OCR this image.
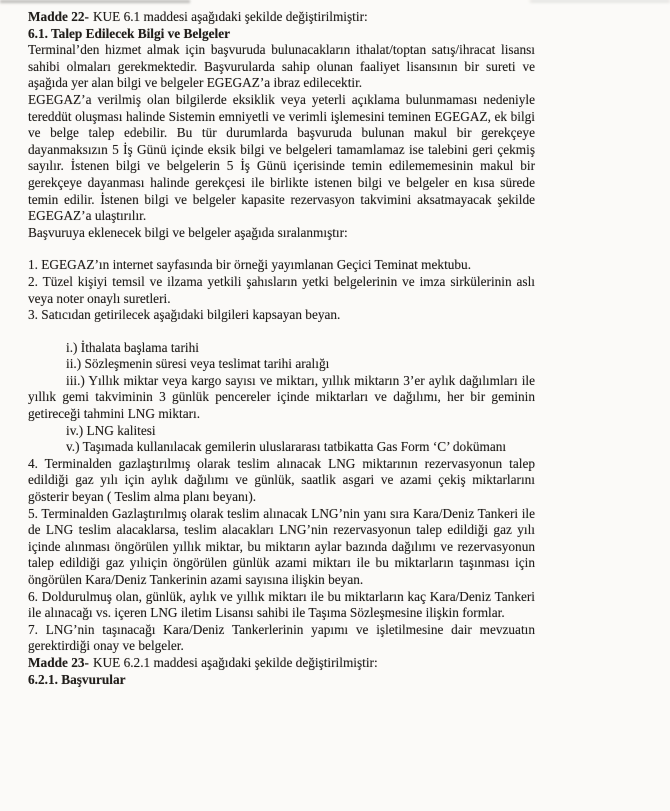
Madde 22- KUE 6.1 maddesi aşağıdaki şekilde değiştirilmiştir:

6.1. Talep Edilecek Bilgi ve Belgeler

Terminal’den hizmet almak için başvuruda bulunacakların ithalat/toptan satış/ihracat lisansı sahibi olmaları gerekmektedir. Başvurularda sahip olunan faaliyet lisansının bir sureti ve aşağıda yer alan bilgi ve belgeler EGEGAZ’a ibraz edilecektir.

EGEGAZ’a verilmiş olan bilgilerde eksiklik veya yeterli açıklama bulunmaması nedeniyle tereddüt oluşması halinde Sistemin emniyetli ve verimli işlemesini teminen EGEGAZ, ek bilgi ve belge talep edebilir. Bu tür durumlarda başvuruda bulunan makul bir gerekçeye dayanmaksızın 5 İş Günü içinde eksik bilgi ve belgeleri tamamlamaz ise talebini geri çekmiş sayılır. İstenen bilgi ve belgelerin 5 İş Günü içerisinde temin edilememesinin makul bir gerekçeye dayanması halinde gerekçesi ile birlikte istenen bilgi ve belgeler en kısa sürede temin edilir. İstenen bilgi ve belgeler kapasite rezervasyon takvimini aksatmayacak şekilde EGEGAZ’a ulaştırılır.

Başvuruya eklenecek bilgi ve belgeler aşağıda sıralanmıştır:

1. EGEGAZ’ın internet sayfasında bir örneği yayımlanan Geçici Teminat mektubu.

2. Tüzel kişiyi temsil ve ilzama yetkili şahısların yetki belgelerinin ve imza sirkülerinin aslı veya noter onaylı suretleri.

3. Satıcıdan getirilecek aşağıdaki bilgileri kapsayan beyan.

i.) İthalata başlama tarihi

ii.) Sözleşmenin süresi veya teslimat tarihi aralığı

iii.) Yıllık miktar veya kargo sayısı ve miktarı, yıllık miktarın 3’er aylık dağılımları ile yıllık gemi takviminin 3 günlük pencereler içinde miktarları ve dağılımı, her bir geminin getireceği tahmini LNG miktarı.

iv.) LNG kalitesi

v.) Taşımada kullanılacak gemilerin uluslararası tatbikatta Gas Form ‘C’ dokümanı

4. Terminalden gazlaştırılmış olarak teslim alınacak LNG miktarının rezervasyonun talep edildiği gaz yılı için aylık dağılımı ve günlük, saatlik asgari ve azami çekiş miktarlarını gösterir beyan ( Teslim alma planı beyanı).

5. Terminalden Gazlaştırılmış olarak teslim alınacak LNG’nin yanı sıra Kara/Deniz Tankeri ile de LNG teslim alacaklarsa, teslim alacakları LNG’nin rezervasyonun talep edildiği gaz yılı içinde alınması öngörülen yıllık miktar, bu miktarın aylar bazında dağılımı ve rezervasyonun talep edildiği gaz yılıiçin öngörülen günlük azami miktarı ile bu miktarların taşınması için öngörülen Kara/Deniz Tankerinin azami sayısına ilişkin beyan.

6. Doldurulmuş olan, günlük, aylık ve yıllık miktarı ile bu miktarların kaç Kara/Deniz Tankeri ile alınacağı vs. içeren LNG iletim Lisansı sahibi ile Taşıma Sözleşmesine ilişkin formlar.

7. LNG’nin taşınacağı Kara/Deniz Tankerlerinin yapımı ve işletilmesine dair mevzuatın gerektirdiği onay ve belgeler.

Madde 23- KUE 6.2.1 maddesi aşağıdaki şekilde değiştirilmiştir:

6.2.1. Başvurular
